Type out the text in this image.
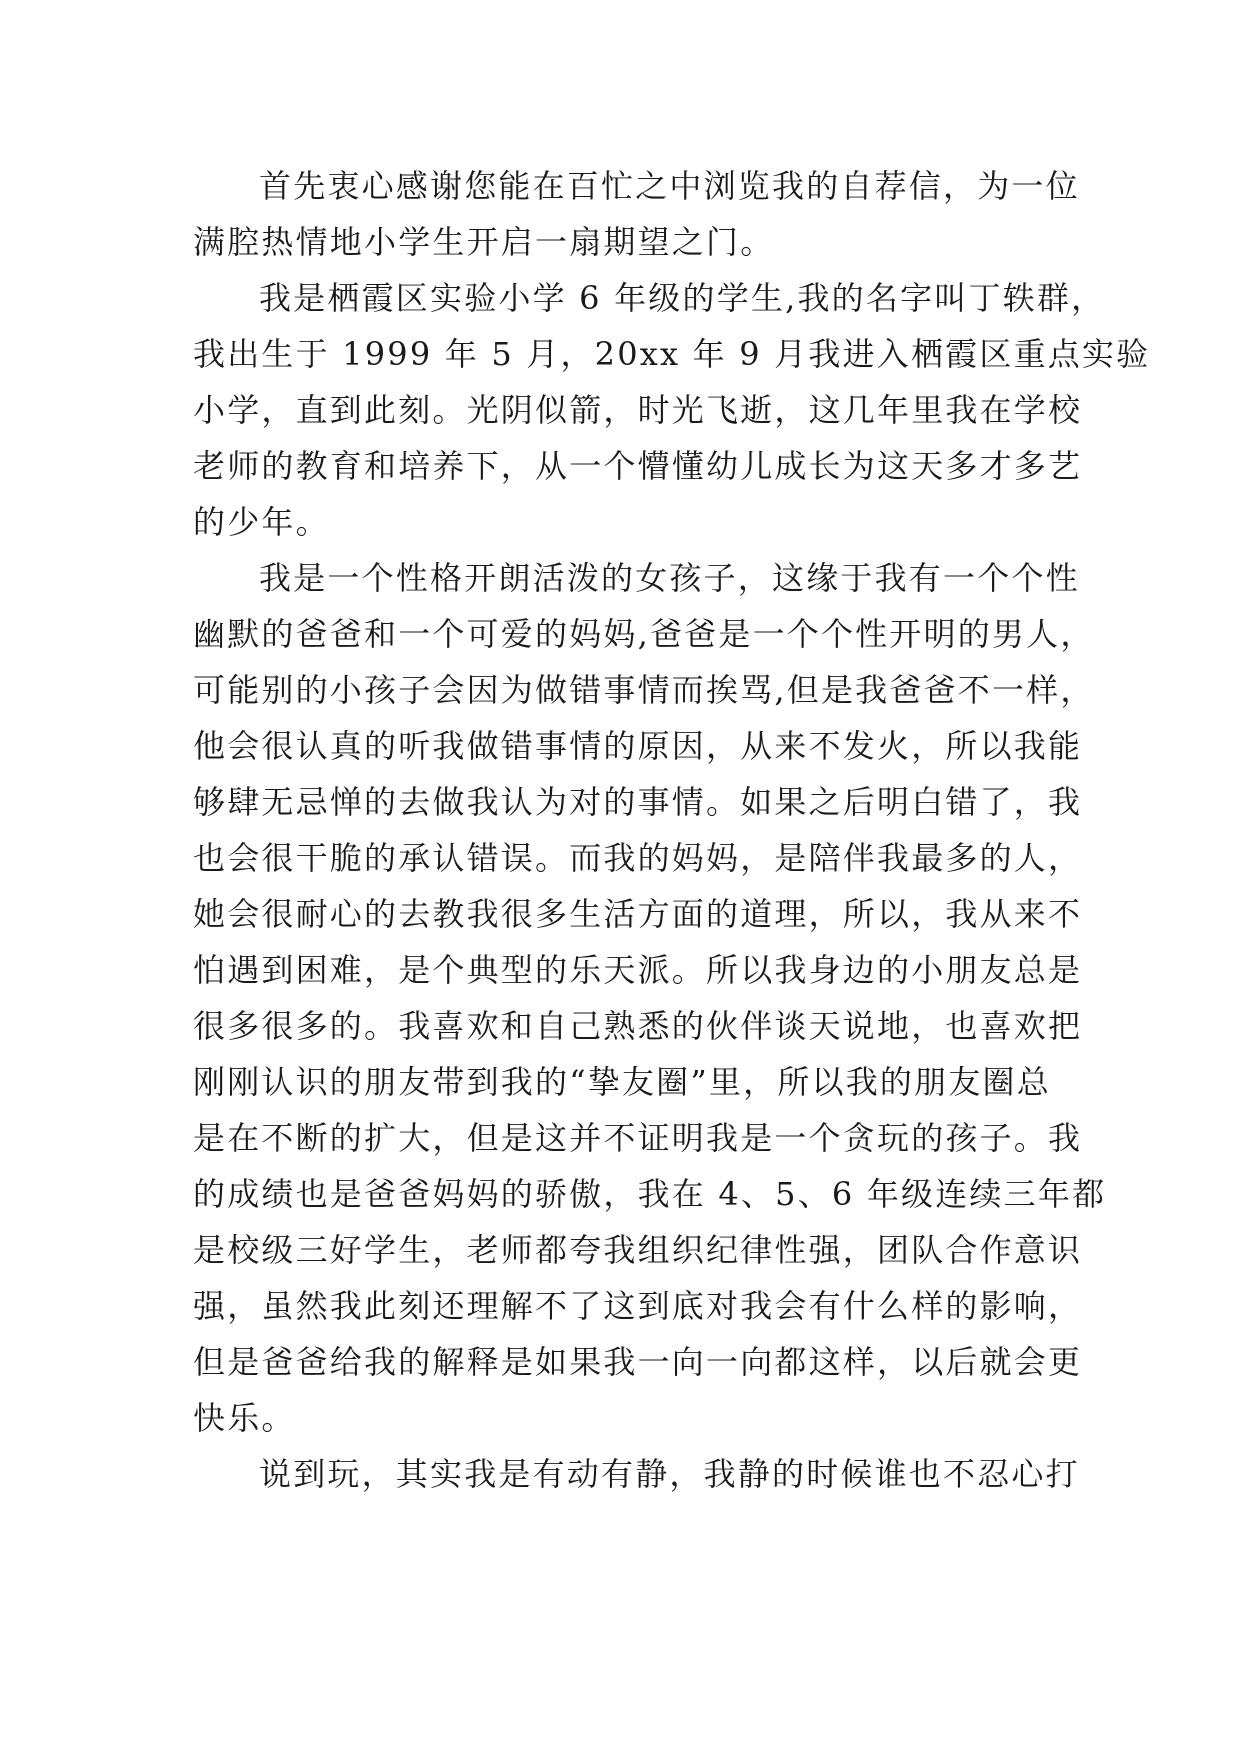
首先衷心感谢您能在百忙之中浏览我的自荐信，为一位
满腔热情地小学生开启一扇期望之门。
我是栖霞区实验小学 6 年级的学生,我的名字叫丁轶群，
我出生于 1999 年 5 月，20xx 年 9 月我进入栖霞区重点实验
小学，直到此刻。光阴似箭，时光飞逝，这几年里我在学校
老师的教育和培养下，从一个懵懂幼儿成长为这天多才多艺
的少年。
我是一个性格开朗活泼的女孩子，这缘于我有一个个性
幽默的爸爸和一个可爱的妈妈,爸爸是一个个性开明的男人，
可能别的小孩子会因为做错事情而挨骂,但是我爸爸不一样，
他会很认真的听我做错事情的原因，从来不发火，所以我能
够肆无忌惮的去做我认为对的事情。如果之后明白错了，我
也会很干脆的承认错误。而我的妈妈，是陪伴我最多的人，
她会很耐心的去教我很多生活方面的道理，所以，我从来不
怕遇到困难，是个典型的乐天派。所以我身边的小朋友总是
很多很多的。我喜欢和自己熟悉的伙伴谈天说地，也喜欢把
刚刚认识的朋友带到我的“挚友圈”里，所以我的朋友圈总
是在不断的扩大，但是这并不证明我是一个贪玩的孩子。我
的成绩也是爸爸妈妈的骄傲，我在 4、5、6 年级连续三年都
是校级三好学生，老师都夸我组织纪律性强，团队合作意识
强，虽然我此刻还理解不了这到底对我会有什么样的影响，
但是爸爸给我的解释是如果我一向一向都这样，以后就会更
快乐。
说到玩，其实我是有动有静，我静的时候谁也不忍心打
